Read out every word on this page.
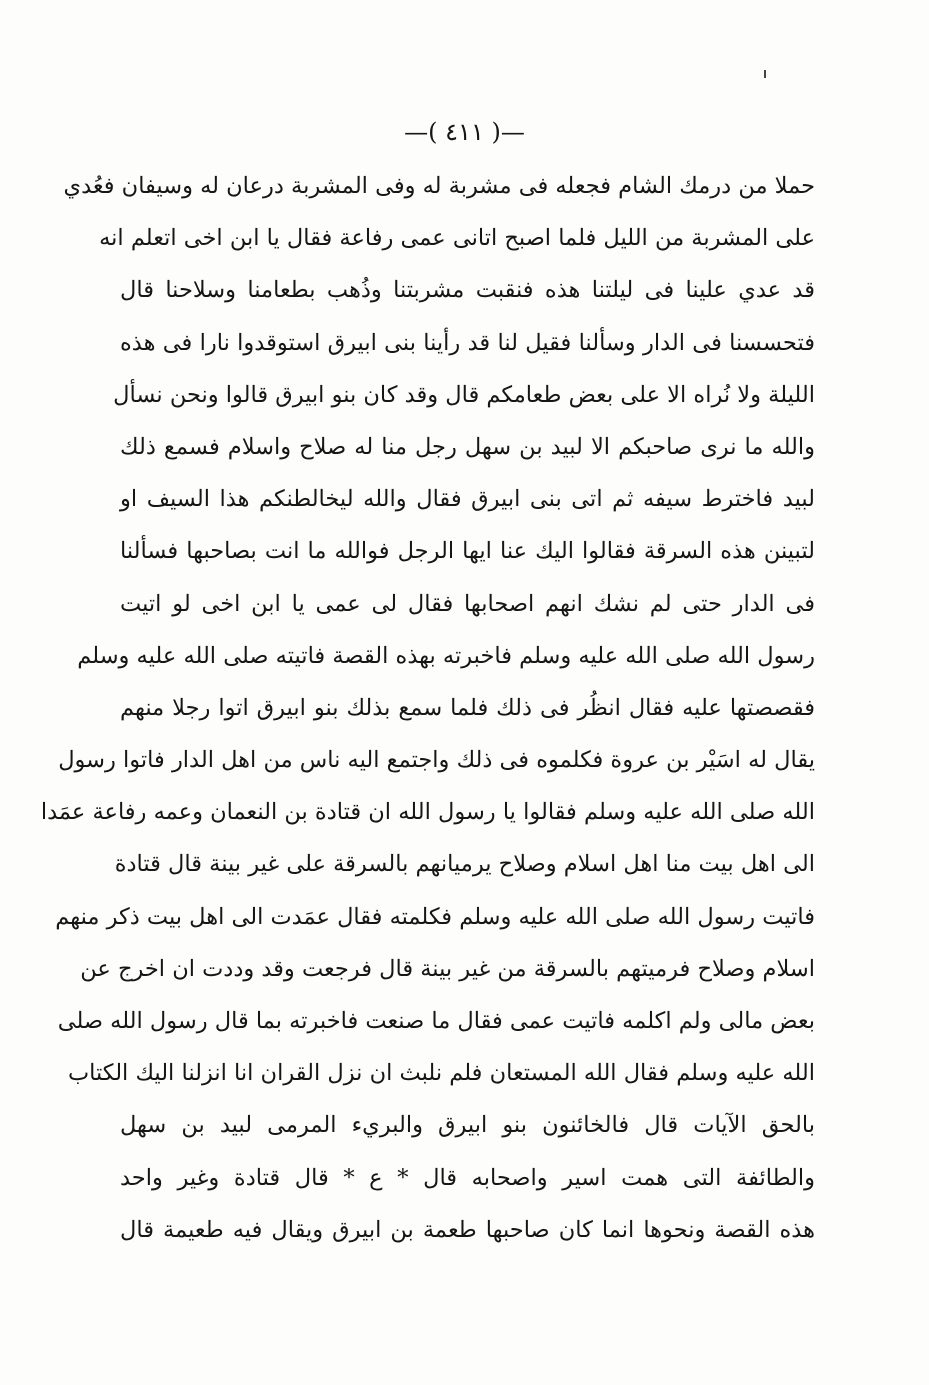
—( ٤١١ )—
حملا من درمك الشام فجعله فى مشربة له وفى المشربة درعان له وسيفان فعُدي
على المشربة من الليل فلما اصبح اتانى عمى رفاعة فقال يا ابن اخى اتعلم انه
قد عدي علينا فى ليلتنا هذه فنقبت مشربتنا وذُهب بطعامنا وسلاحنا قال
فتحسسنا فى الدار وسألنا فقيل لنا قد رأينا بنى ابيرق استوقدوا نارا فى هذه
الليلة ولا نُراه الا على بعض طعامكم قال وقد كان بنو ابيرق قالوا ونحن نسأل
والله ما نرى صاحبكم الا لبيد بن سهل رجل منا له صلاح واسلام فسمع ذلك
لبيد فاخترط سيفه ثم اتى بنى ابيرق فقال والله ليخالطنكم هذا السيف او
لتبينن هذه السرقة فقالوا اليك عنا ايها الرجل فوالله ما انت بصاحبها فسألنا
فى الدار حتى لم نشك انهم اصحابها فقال لى عمى يا ابن اخى لو اتيت
رسول الله صلى الله عليه وسلم فاخبرته بهذه القصة فاتيته صلى الله عليه وسلم
فقصصتها عليه فقال انظُر فى ذلك فلما سمع بذلك بنو ابيرق اتوا رجلا منهم
يقال له اسَيْر بن عروة فكلموه فى ذلك واجتمع اليه ناس من اهل الدار فاتوا رسول
الله صلى الله عليه وسلم فقالوا يا رسول الله ان قتادة بن النعمان وعمه رفاعة عمَدا
الى اهل بيت منا اهل اسلام وصلاح يرميانهم بالسرقة على غير بينة قال قتادة
فاتيت رسول الله صلى الله عليه وسلم فكلمته فقال عمَدت الى اهل بيت ذكر منهم
اسلام وصلاح فرميتهم بالسرقة من غير بينة قال فرجعت وقد وددت ان اخرج عن
بعض مالى ولم اكلمه فاتيت عمى فقال ما صنعت فاخبرته بما قال رسول الله صلى
الله عليه وسلم فقال الله المستعان فلم نلبث ان نزل القران انا انزلنا اليك الكتاب
بالحق الآيات قال فالخائنون بنو ابيرق والبريء المرمى لبيد بن سهل
والطائفة التى همت اسير واصحابه قال * ع * قال قتادة وغير واحد
هذه القصة ونحوها انما كان صاحبها طعمة بن ابيرق ويقال فيه طعيمة قال
